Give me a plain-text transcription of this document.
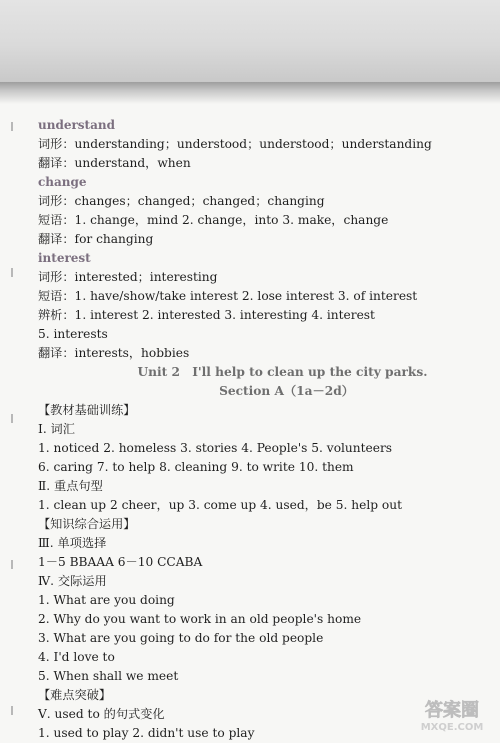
understand
词形：understanding；understood；understood；understanding
翻译：understand，when
change
词形：changes；changed；changed；changing
短语：1. change，mind 2. change，into 3. make，change
翻译：for changing
interest
词形：interested；interesting
短语：1. have/show/take interest 2. lose interest 3. of interest
辨析：1. interest 2. interested 3. interesting 4. interest
5. interests
翻译：interests，hobbies
Unit 2　I'll help to clean up the city parks.
Section A（1a－2d）
【教材基础训练】
Ⅰ. 词汇
1. noticed 2. homeless 3. stories 4. People's 5. volunteers
6. caring 7. to help 8. cleaning 9. to write 10. them
Ⅱ. 重点句型
1. clean up 2 cheer，up 3. come up 4. used，be 5. help out
【知识综合运用】
Ⅲ. 单项选择
1－5 BBAAA 6－10 CCABA
Ⅳ. 交际运用
1. What are you doing
2. Why do you want to work in an old people's home
3. What are you going to do for the old people
4. I'd love to
5. When shall we meet
【难点突破】
Ⅴ. used to 的句式变化
1. used to play 2. didn't use to play
答案圈
MXQE.COM
